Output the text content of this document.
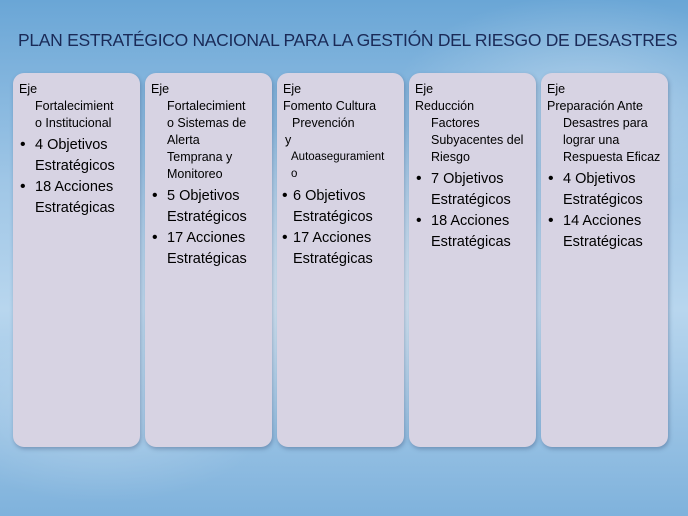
PLAN ESTRATÉGICO NACIONAL PARA LA GESTIÓN DEL RIESGO DE DESASTRES
Eje
Fortalecimient
o Institucional
• 4 Objetivos Estratégicos
• 18 Acciones Estratégicas
Eje
Fortalecimient
o Sistemas de
Alerta
Temprana y
Monitoreo
• 5 Objetivos Estratégicos
• 17 Acciones Estratégicas
Eje
Fomento Cultura
Prevención
y
Autoaseguramient
o
• 6 Objetivos Estratégicos
• 17 Acciones Estratégicas
Eje
Reducción
Factores
Subyacentes del
Riesgo
• 7 Objetivos Estratégicos
• 18 Acciones Estratégicas
Eje
Preparación Ante
Desastres para
lograr una
Respuesta Eficaz
• 4 Objetivos Estratégicos
• 14 Acciones Estratégicas
